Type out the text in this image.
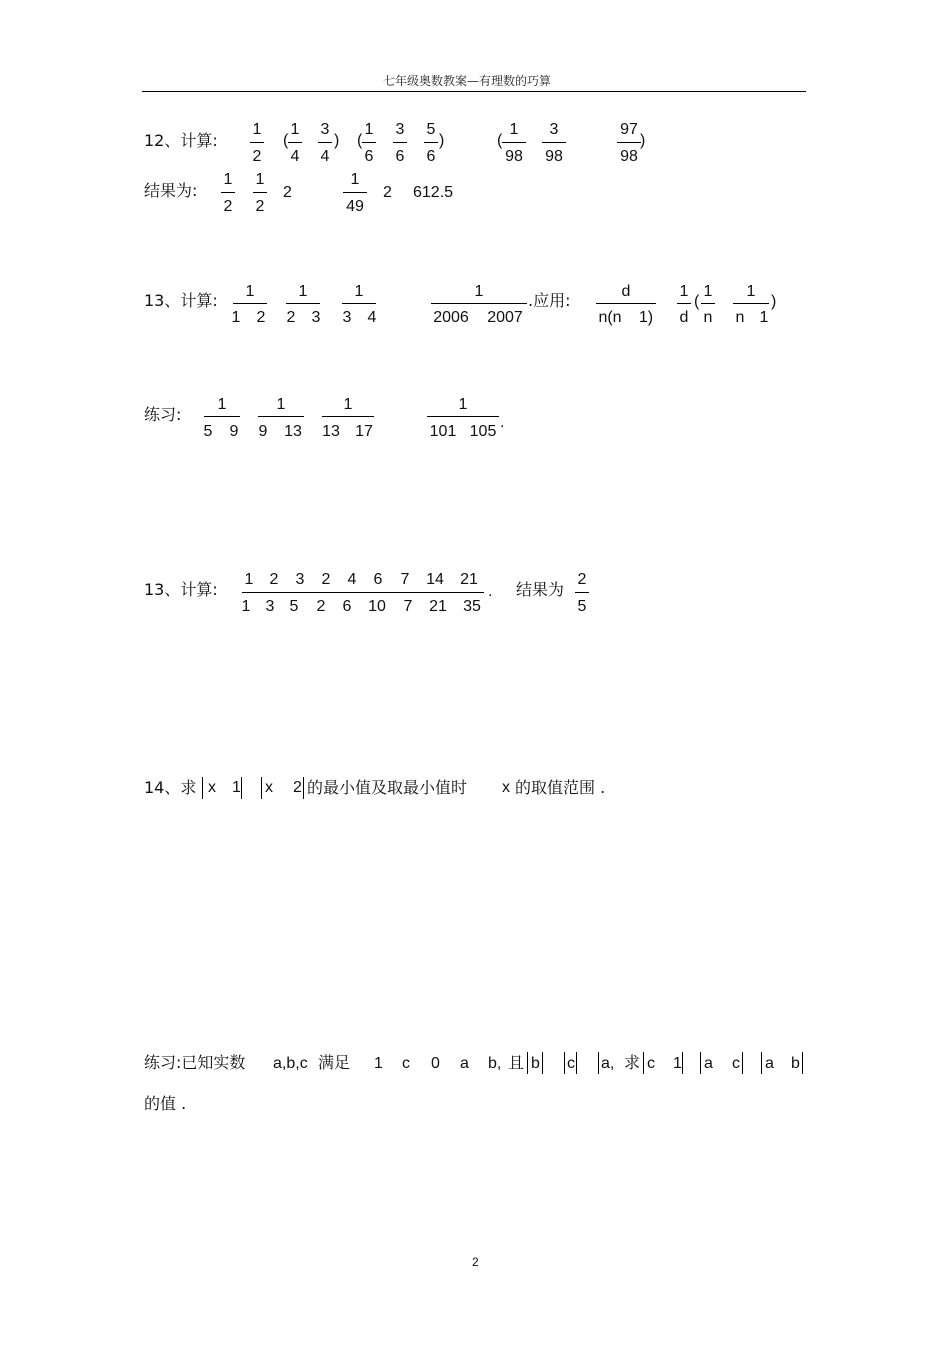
七年级奥数教案—有理数的巧算
12、计算:
1
2
(
1
4
3
4
) (
1
6
3
6
5
6
)	(
1
98
3
98
97
98
)
结果为:
1
2
1
2
2
1
49
2 612.5
13、计算:	1
1 2
1
2 3
1
3 4
1
2006 2007
.应用:	d
n(n 1)
1
d
(
1
n
1
n 1
)
练习:
1
5 9
1
9 13
1
13 17
1
101 105
.
13、计算:
1 2 3 2 4 6 7 14 21
1 3 5 2 6 10 7 21 35
. 结果为
2
5
14、求 x 1 x 2 的最小值及取最小值时 x 的取值范围 .
练习:已知实数 a,b,c 满足 1 c 0 a b, 且 b c a, 求 c 1 a c a b
的值 .
2
